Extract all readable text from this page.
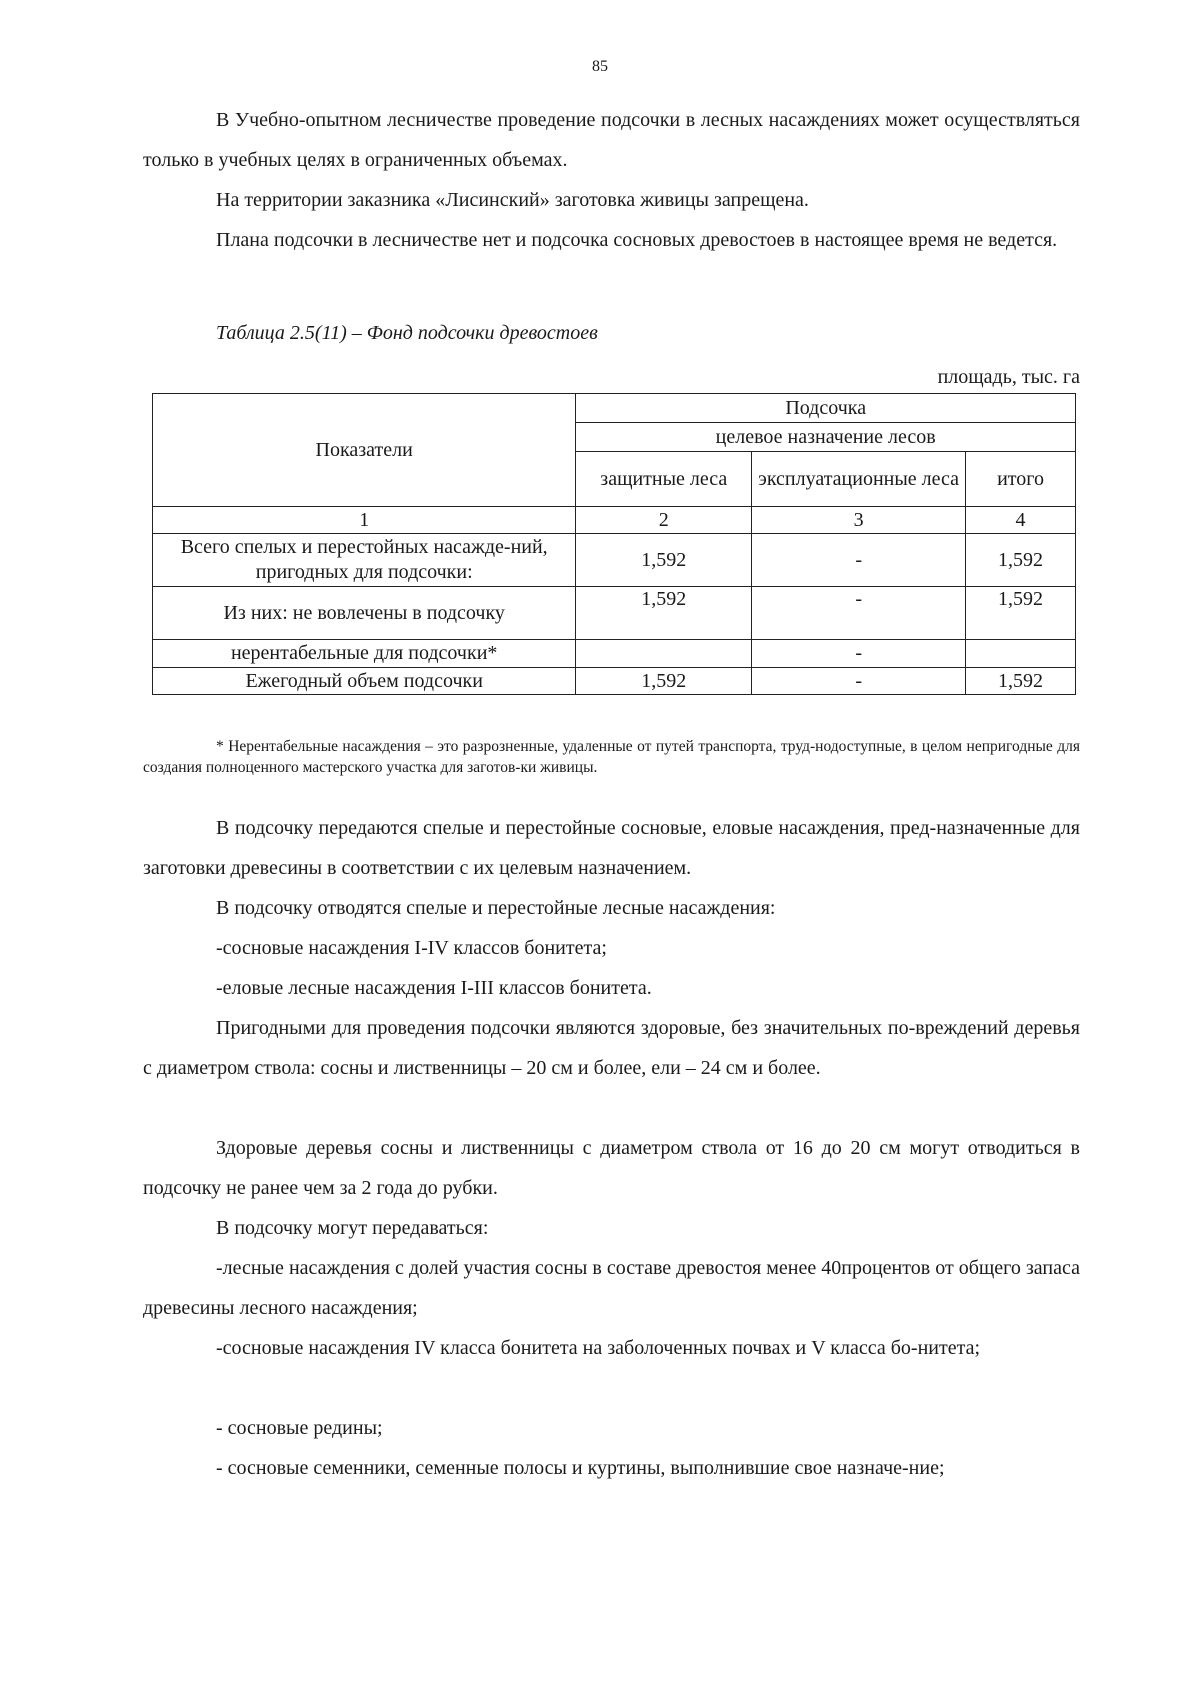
85

В Учебно-опытном лесничестве проведение подсочки в лесных насаждениях может осуществляться только в учебных целях в ограниченных объемах.

На территории заказника «Лисинский» заготовка живицы запрещена.

Плана подсочки в лесничестве нет и подсочка сосновых древостоев в настоящее время не ведется.

Таблица 2.5(11) – Фонд подсочки древостоев

площадь, тыс. га

Показатели	Подсочка		
	целевое назначение лесов		
	защитные леса	эксплуатационные леса	итого
1	2	3	4
Всего спелых и перестойных насажде-ний, пригодных для подсочки:	1,592	-	1,592
Из них: не вовлечены в подсочку	1,592	-	1,592
нерентабельные для подсочки*		-	
Ежегодный объем подсочки	1,592	-	1,592

* Нерентабельные насаждения – это разрозненные, удаленные от путей транспорта, труд-нодоступные, в целом непригодные для создания полноценного мастерского участка для заготов-ки живицы.

В подсочку передаются спелые и перестойные сосновые, еловые насаждения, пред-назначенные для заготовки древесины в соответствии с их целевым назначением.

В подсочку отводятся спелые и перестойные лесные насаждения:

-сосновые насаждения I-IV классов бонитета;

-еловые лесные насаждения I-III классов бонитета.

Пригодными для проведения подсочки являются здоровые, без значительных по-вреждений деревья с диаметром ствола: сосны и лиственницы – 20 см и более, ели – 24 см и более.

Здоровые деревья сосны и лиственницы с диаметром ствола от 16 до 20 см могут отводиться в подсочку не ранее чем за 2 года до рубки.

В подсочку могут передаваться:

-лесные насаждения с долей участия сосны в составе древостоя менее 40процентов от общего запаса древесины лесного насаждения;

-сосновые насаждения IV класса бонитета на заболоченных почвах и V класса бо-нитета;

- сосновые редины;

- сосновые семенники, семенные полосы и куртины, выполнившие свое назначе-ние;
